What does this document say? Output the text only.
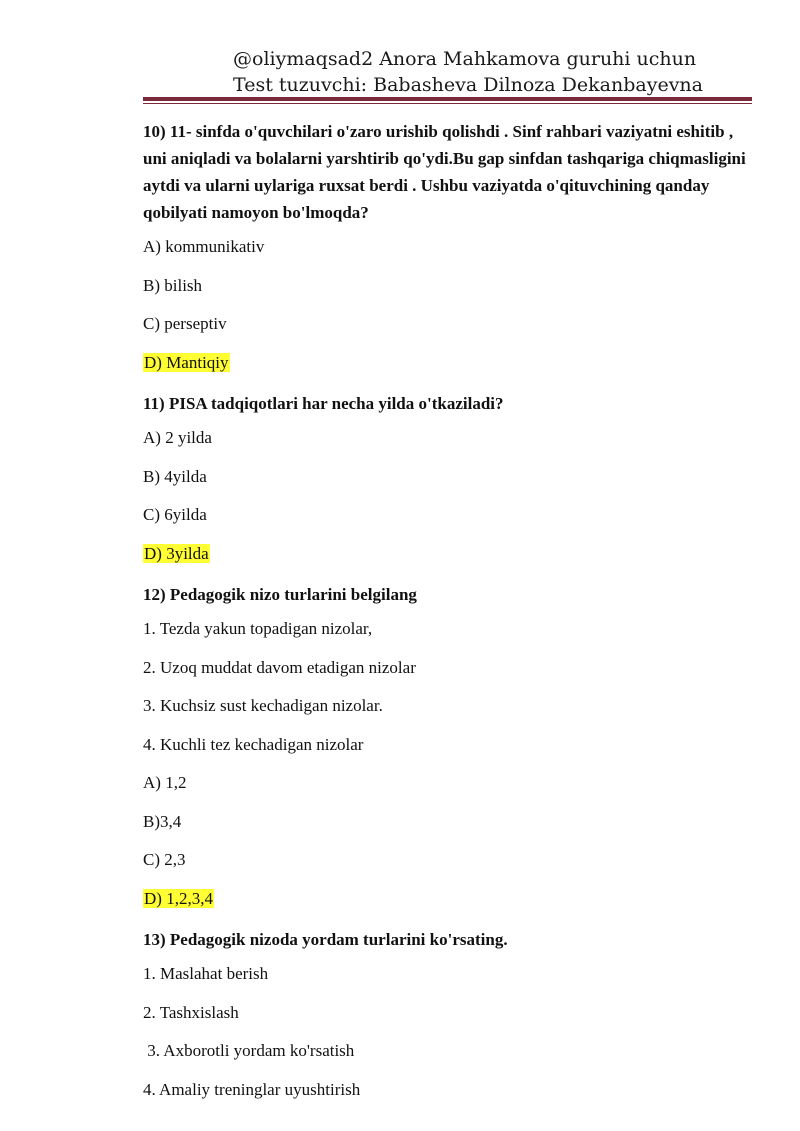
@oliymaqsad2 Anora Mahkamova guruhi uchun
Test tuzuvchi: Babasheva Dilnoza Dekanbayevna

10) 11- sinfda o'quvchilari o'zaro urishib qolishdi . Sinf rahbari vaziyatni eshitib , uni aniqladi va bolalarni yarshtirib qo'ydi.Bu gap sinfdan tashqariga chiqmasligini aytdi va ularni uylariga ruxsat berdi . Ushbu vaziyatda o'qituvchining qanday qobilyati namoyon bo'lmoqda?

A) kommunikativ

B) bilish

C) perseptiv

D) Mantiqiy

11) PISA tadqiqotlari har necha yilda o'tkaziladi?

A) 2 yilda

B) 4yilda

C) 6yilda

D) 3yilda

12) Pedagogik nizo turlarini belgilang

1. Tezda yakun topadigan nizolar,

2. Uzoq muddat davom etadigan nizolar

3. Kuchsiz sust kechadigan nizolar.

4. Kuchli tez kechadigan nizolar

A) 1,2

B)3,4

C) 2,3

D) 1,2,3,4

13) Pedagogik nizoda yordam turlarini ko'rsating.

1. Maslahat berish

2. Tashxislash

3. Axborotli yordam ko'rsatish

4. Amaliy treninglar uyushtirish
